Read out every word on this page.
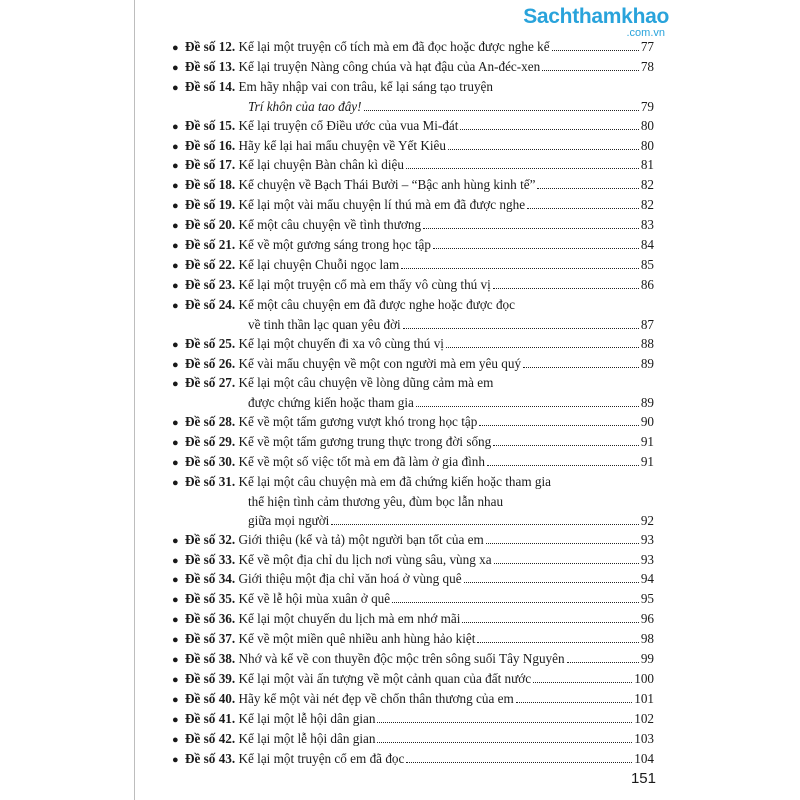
Sachthamkhao
.com.vn
● Đề số 12.
Kể lại một truyện cổ tích mà em đã đọc hoặc được nghe kể	77
● Đề số 13.
Kể lại truyện Nàng công chúa và hạt đậu của An-đéc-xen	78
● Đề số 14.
Em hãy nhập vai con trâu, kể lại sáng tạo truyện
Trí khôn của tao đây!	79
● Đề số 15.
Kể lại truyện cổ Điều ước của vua Mi-đát	80
● Đề số 16.
Hãy kể lại hai mẩu chuyện về Yết Kiêu	80
● Đề số 17.
Kể lại chuyện Bàn chân kì diệu	81
● Đề số 18.
Kể chuyện về Bạch Thái Bưởi – “Bậc anh hùng kinh tế”	82
● Đề số 19.
Kể lại một vài mẩu chuyện lí thú mà em đã được nghe	82
● Đề số 20.
Kể một câu chuyện về tình thương	83
● Đề số 21.
Kể về một gương sáng trong học tập	84
● Đề số 22.
Kể lại chuyện Chuỗi ngọc lam	85
● Đề số 23.
Kể lại một truyện cổ mà em thấy vô cùng thú vị	86
● Đề số 24.
Kể một câu chuyện em đã được nghe hoặc được đọc
về tinh thần lạc quan yêu đời	87
● Đề số 25.
Kể lại một chuyến đi xa vô cùng thú vị	88
● Đề số 26.
Kể vài mẩu chuyện về một con người mà em yêu quý	89
● Đề số 27.
Kể lại một câu chuyện về lòng dũng cảm mà em
được chứng kiến hoặc tham gia	89
● Đề số 28.
Kể về một tấm gương vượt khó trong học tập	90
● Đề số 29.
Kể về một tấm gương trung thực trong đời sống	91
● Đề số 30.
Kể về một số việc tốt mà em đã làm ở gia đình	91
● Đề số 31.
Kể lại một câu chuyện mà em đã chứng kiến hoặc tham gia
thể hiện tình cảm thương yêu, đùm bọc lẫn nhau
giữa mọi người	92
● Đề số 32.
Giới thiệu (kể và tả) một người bạn tốt của em	93
● Đề số 33.
Kể về một địa chỉ du lịch nơi vùng sâu, vùng xa	93
● Đề số 34.
Giới thiệu một địa chỉ văn hoá ở vùng quê	94
● Đề số 35.
Kể về lễ hội mùa xuân ở quê	95
● Đề số 36.
Kể lại một chuyến du lịch mà em nhớ mãi	96
● Đề số 37.
Kể về một miền quê nhiều anh hùng hảo kiệt	98
● Đề số 38.
Nhớ và kể về con thuyền độc mộc trên sông suối Tây Nguyên	99
● Đề số 39.
Kể lại một vài ấn tượng về một cảnh quan của đất nước	100
● Đề số 40.
Hãy kể một vài nét đẹp về chốn thân thương của em	101
● Đề số 41.
Kể lại một lễ hội dân gian	102
● Đề số 42.
Kể lại một lễ hội dân gian	103
● Đề số 43.
Kể lại một truyện cổ em đã đọc	104
151
